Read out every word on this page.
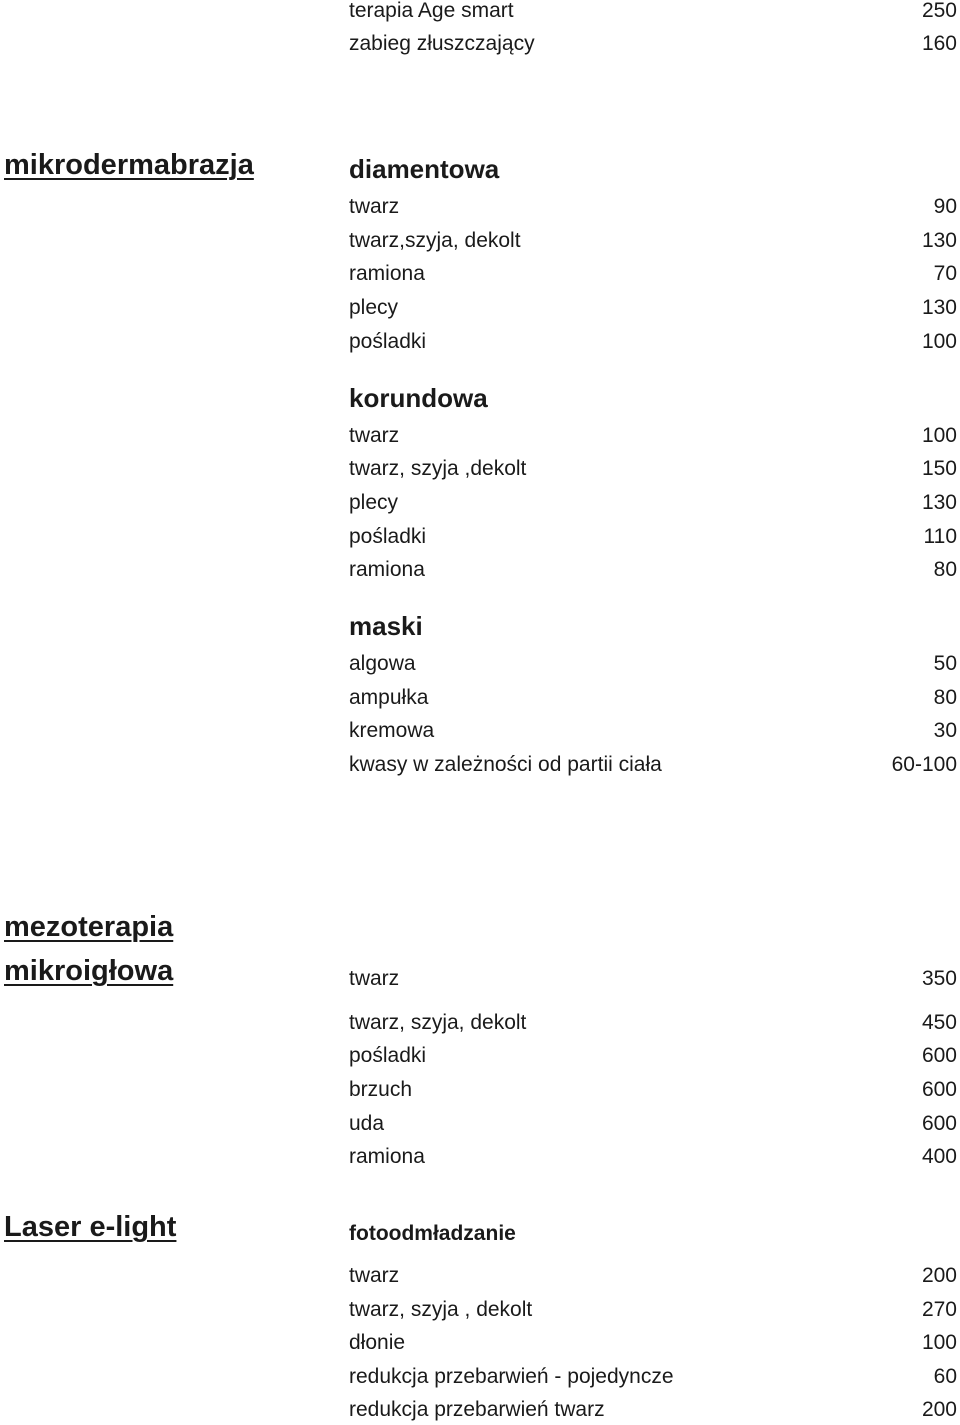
terapia Age smart	250
zabieg złuszczający	160
mikrodermabrazja	diamentowa
twarz	90
twarz,szyja, dekolt	130
ramiona	70
plecy	130
pośladki	100
korundowa
twarz	100
twarz, szyja ,dekolt	150
plecy	130
pośladki	110
ramiona	80
maski
algowa	50
ampułka	80
kremowa	30
kwasy w zależności od partii ciała	60-100
mezoterapia
mikroigłowa	twarz	350
twarz, szyja, dekolt	450
pośladki	600
brzuch	600
uda	600
ramiona	400
Laser e-light	fotoodmładzanie
twarz	200
twarz, szyja , dekolt	270
dłonie	100
redukcja przebarwień - pojedyncze	60
redukcja przebarwień twarz	200
